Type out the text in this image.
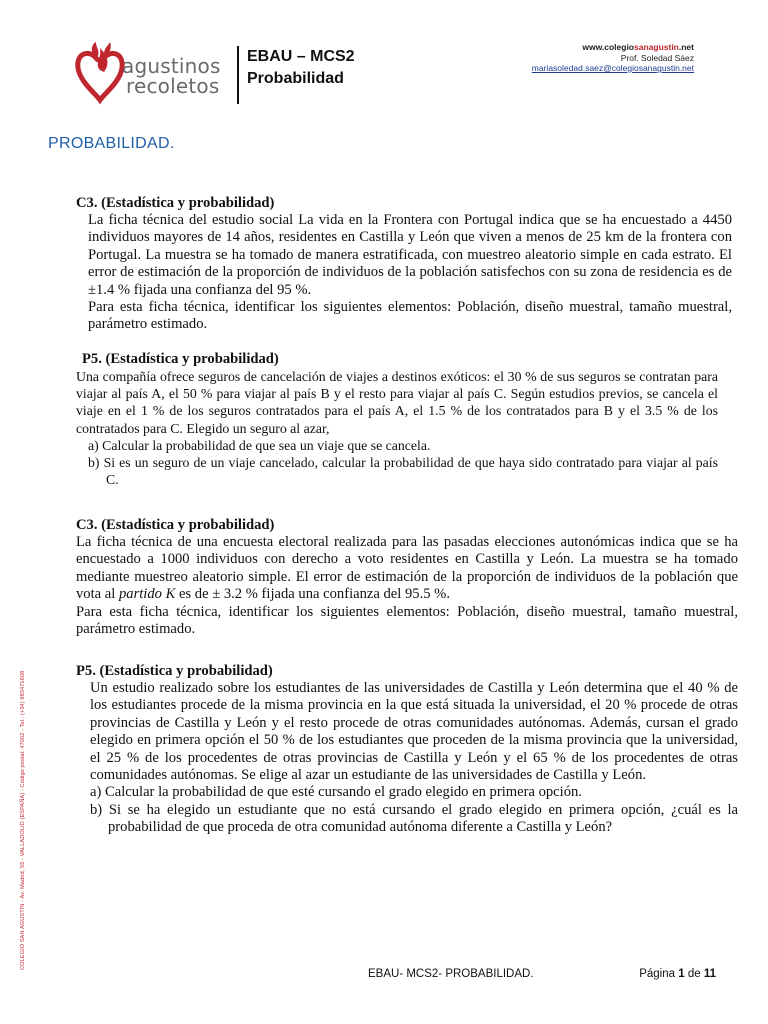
agustinos
recoletos
EBAU – MCS2
Probabilidad
www.colegiosanagustin.net
Prof. Soledad Sáez
mariasoledad.saez@colegiosanagustin.net
COLEGIO SAN AGUSTÍN - Av. Madrid, 55 - VALLADOLID (ESPAÑA) - Código postal: 47002 - Tel.: (+34) 983471608
PROBABILIDAD.
C3. (Estadística y probabilidad)

La ficha técnica del estudio social La vida en la Frontera con Portugal indica que se ha encuestado a 4450 individuos mayores de 14 años, residentes en Castilla y León que viven a menos de 25 km de la frontera con Portugal. La muestra se ha tomado de manera estratificada, con muestreo aleatorio simple en cada estrato. El error de estimación de la proporción de individuos de la población satisfechos con su zona de residencia es de ±1.4 % fijada una confianza del 95 %.

Para esta ficha técnica, identificar los siguientes elementos: Población, diseño muestral, tamaño muestral, parámetro estimado.

P5. (Estadística y probabilidad)

Una compañía ofrece seguros de cancelación de viajes a destinos exóticos: el 30 % de sus seguros se contratan para viajar al país A, el 50 % para viajar al país B y el resto para viajar al país C. Según estudios previos, se cancela el viaje en el 1 % de los seguros contratados para el país A, el 1.5 % de los contratados para B y el 3.5 % de los contratados para C. Elegido un seguro al azar,

a) Calcular la probabilidad de que sea un viaje que se cancela.
b) Si es un seguro de un viaje cancelado, calcular la probabilidad de que haya sido contratado para viajar al país C.
C3. (Estadística y probabilidad)

La ficha técnica de una encuesta electoral realizada para las pasadas elecciones autonómicas indica que se ha encuestado a 1000 individuos con derecho a voto residentes en Castilla y León. La muestra se ha tomado mediante muestreo aleatorio simple. El error de estimación de la proporción de individuos de la población que vota al partido K es de ± 3.2 % fijada una confianza del 95.5 %.

Para esta ficha técnica, identificar los siguientes elementos: Población, diseño muestral, tamaño muestral, parámetro estimado.

P5. (Estadística y probabilidad)

Un estudio realizado sobre los estudiantes de las universidades de Castilla y León determina que el 40 % de los estudiantes procede de la misma provincia en la que está situada la universidad, el 20 % procede de otras provincias de Castilla y León y el resto procede de otras comunidades autónomas. Además, cursan el grado elegido en primera opción el 50 % de los estudiantes que proceden de la misma provincia que la universidad, el 25 % de los procedentes de otras provincias de Castilla y León y el 65 % de los procedentes de otras comunidades autónomas. Se elige al azar un estudiante de las universidades de Castilla y León.

a) Calcular la probabilidad de que esté cursando el grado elegido en primera opción.
b) Si se ha elegido un estudiante que no está cursando el grado elegido en primera opción, ¿cuál es la probabilidad de que proceda de otra comunidad autónoma diferente a Castilla y León?
EBAU- MCS2- PROBABILIDAD.	Página 1 de 11
